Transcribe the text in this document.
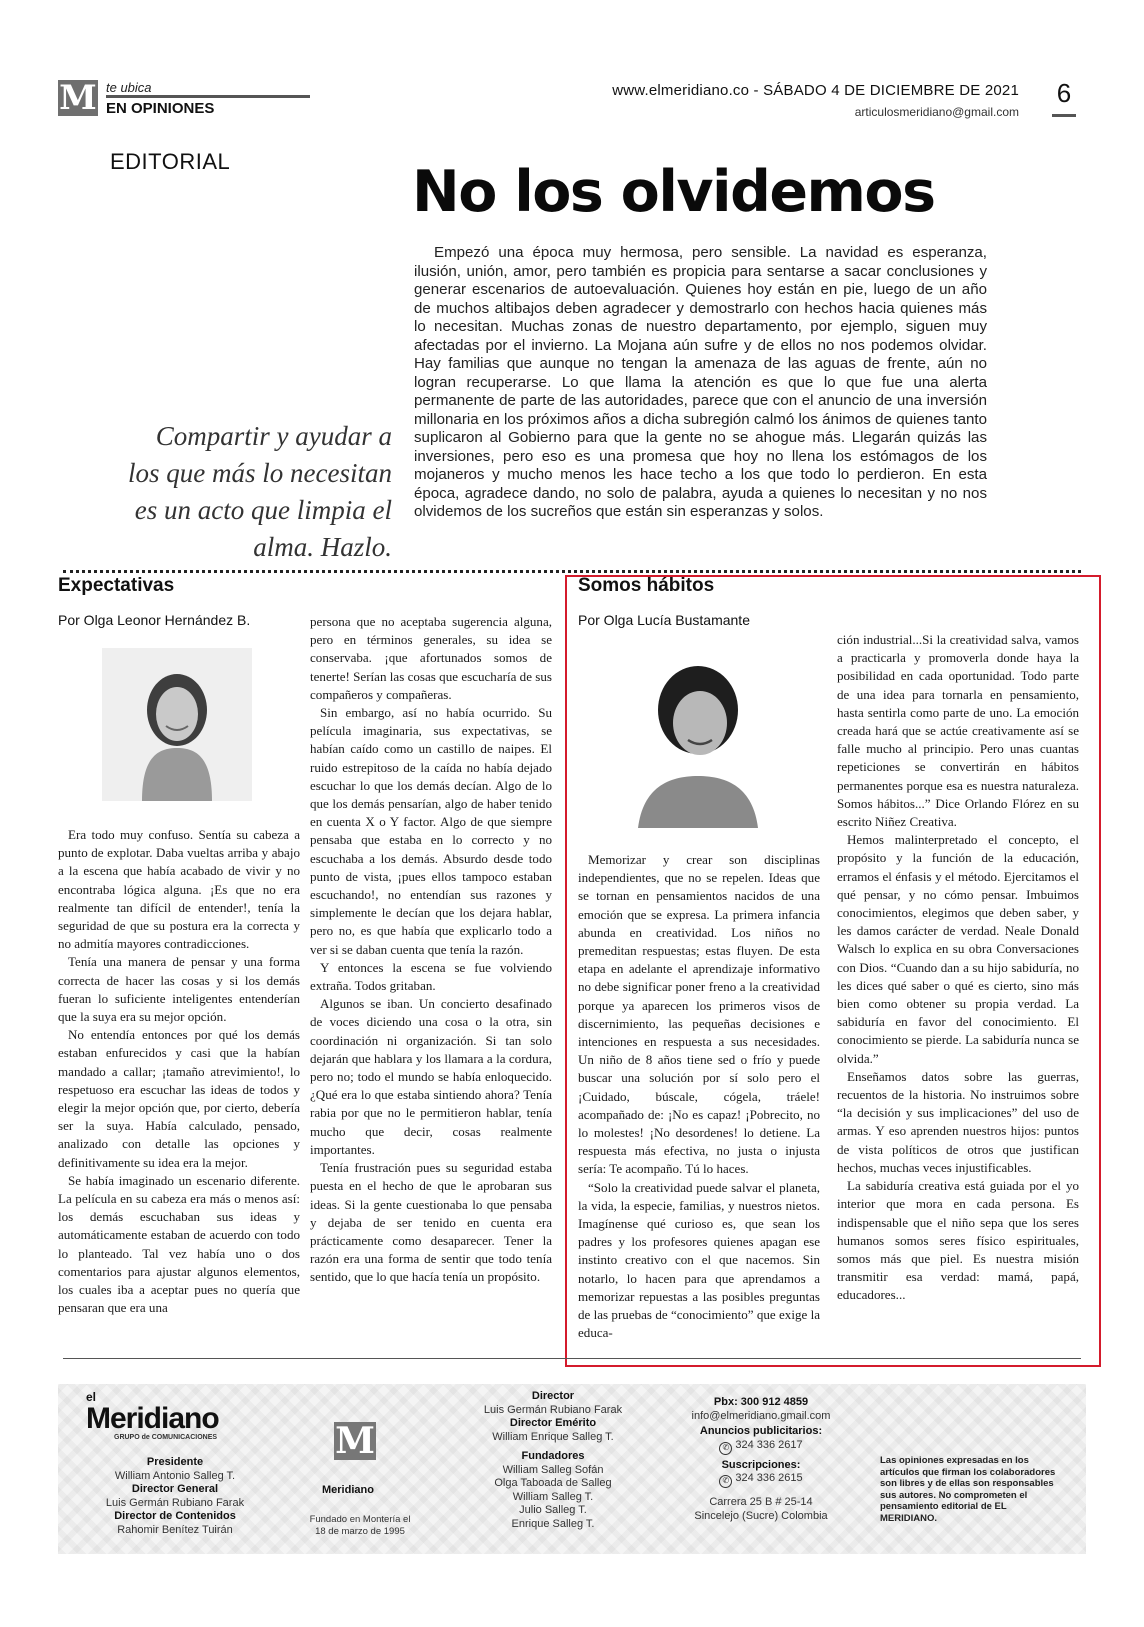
M te ubica
EN OPINIONES
www.elmeridiano.co - SÁBADO 4 DE DICIEMBRE DE 2021
articulosmeridiano@gmail.com
6
EDITORIAL	No los olvidemos
Empezó una época muy hermosa, pero sensible. La navidad es esperanza, ilusión, unión, amor, pero también es propicia para sentarse a sacar conclusiones y generar escenarios de autoevaluación. Quienes hoy están en pie, luego de un año de muchos altibajos deben agradecer y demostrarlo con hechos hacia quienes más lo necesitan. Muchas zonas de nuestro departamento, por ejemplo, siguen muy afectadas por el invierno. La Mojana aún sufre y de ellos no nos podemos olvidar. Hay familias que aunque no tengan la amenaza de las aguas de frente, aún no logran recuperarse. Lo que llama la atención es que lo que fue una alerta permanente de parte de las autoridades, parece que con el anuncio de una inversión millonaria en los próximos años a dicha subregión calmó los ánimos de quienes tanto suplicaron al Gobierno para que la gente no se ahogue más. Llegarán quizás las inversiones, pero eso es una promesa que hoy no llena los estómagos de los mojaneros y mucho menos les hace techo a los que todo lo perdieron. En esta época, agradece dando, no solo de palabra, ayuda a quienes lo necesitan y no nos olvidemos de los sucreños que están sin esperanzas y solos.
Compartir y ayudar a los que más lo necesitan es un acto que limpia el alma. Hazlo.
Expectativas
Por Olga Leonor Hernández B.

Era todo muy confuso. Sentía su cabeza a punto de explotar. Daba vueltas arriba y abajo a la escena que había acabado de vivir y no encontraba lógica alguna. ¡Es que no era realmente tan difícil de entender!, tenía la seguridad de que su postura era la correcta y no admitía mayores contradicciones.

Tenía una manera de pensar y una forma correcta de hacer las cosas y si los demás fueran lo suficiente inteligentes entenderían que la suya era su mejor opción.

No entendía entonces por qué los demás estaban enfurecidos y casi que la habían mandado a callar; ¡tamaño atrevimiento!, lo respetuoso era escuchar las ideas de todos y elegir la mejor opción que, por cierto, debería ser la suya. Había calculado, pensado, analizado con detalle las opciones y definitivamente su idea era la mejor.

Se había imaginado un escenario diferente. La película en su cabeza era más o menos así: los demás escuchaban sus ideas y automáticamente estaban de acuerdo con todo lo planteado. Tal vez había uno o dos comentarios para ajustar algunos elementos, los cuales iba a aceptar pues no quería que pensaran que era una

persona que no aceptaba sugerencia alguna, pero en términos generales, su idea se conservaba. ¡que afortunados somos de tenerte! Serían las cosas que escucharía de sus compañeros y compañeras.

Sin embargo, así no había ocurrido. Su película imaginaria, sus expectativas, se habían caído como un castillo de naipes. El ruido estrepitoso de la caída no había dejado escuchar lo que los demás decían. Algo de lo que los demás pensarían, algo de haber tenido en cuenta X o Y factor. Algo de que siempre pensaba que estaba en lo correcto y no escuchaba a los demás. Absurdo desde todo punto de vista, ¡pues ellos tampoco estaban escuchando!, no entendían sus razones y simplemente le decían que los dejara hablar, pero no, es que había que explicarlo todo a ver si se daban cuenta que tenía la razón.

Y entonces la escena se fue volviendo extraña. Todos gritaban.

Algunos se iban. Un concierto desafinado de voces diciendo una cosa o la otra, sin coordinación ni organización. Si tan solo dejarán que hablara y los llamara a la cordura, pero no; todo el mundo se había enloquecido. ¿Qué era lo que estaba sintiendo ahora? Tenía rabia por que no le permitieron hablar, tenía mucho que decir, cosas realmente importantes.

Tenía frustración pues su seguridad estaba puesta en el hecho de que le aprobaran sus ideas. Si la gente cuestionaba lo que pensaba y dejaba de ser tenido en cuenta era prácticamente como desaparecer. Tener la razón era una forma de sentir que todo tenía sentido, que lo que hacía tenía un propósito.

Somos hábitos
Por Olga Lucía Bustamante

Memorizar y crear son disciplinas independientes, que no se repelen. Ideas que se tornan en pensamientos nacidos de una emoción que se expresa. La primera infancia abunda en creatividad. Los niños no premeditan respuestas; estas fluyen. De esta etapa en adelante el aprendizaje informativo no debe significar poner freno a la creatividad porque ya aparecen los primeros visos de discernimiento, las pequeñas decisiones e intenciones en respuesta a sus necesidades. Un niño de 8 años tiene sed o frío y puede buscar una solución por sí solo pero el ¡Cuidado, búscale, cógela, tráele! acompañado de: ¡No es capaz! ¡Pobrecito, no lo molestes! ¡No desordenes! lo detiene. La respuesta más efectiva, no justa o injusta sería: Te acompaño. Tú lo haces.

“Solo la creatividad puede salvar el planeta, la vida, la especie, familias, y nuestros nietos. Imagínense qué curioso es, que sean los padres y los profesores quienes apagan ese instinto creativo con el que nacemos. Sin notarlo, lo hacen para que aprendamos a memorizar repuestas a las posibles preguntas de las pruebas de “conocimiento” que exige la educa-

ción industrial...Si la creatividad salva, vamos a practicarla y promoverla donde haya la posibilidad en cada oportunidad. Todo parte de una idea para tornarla en pensamiento, hasta sentirla como parte de uno. La emoción creada hará que se actúe creativamente así se falle mucho al principio. Pero unas cuantas repeticiones se convertirán en hábitos permanentes porque esa es nuestra naturaleza. Somos hábitos...” Dice Orlando Flórez en su escrito Niñez Creativa.

Hemos malinterpretado el concepto, el propósito y la función de la educación, erramos el énfasis y el método. Ejercitamos el qué pensar, y no cómo pensar. Imbuimos conocimientos, elegimos que deben saber, y les damos carácter de verdad. Neale Donald Walsch lo explica en su obra Conversaciones con Dios. “Cuando dan a su hijo sabiduría, no les dices qué saber o qué es cierto, sino más bien como obtener su propia verdad. La sabiduría en favor del conocimiento. El conocimiento se pierde. La sabiduría nunca se olvida.”

Enseñamos datos sobre las guerras, recuentos de la historia. No instruimos sobre “la decisión y sus implicaciones” del uso de armas. Y eso aprenden nuestros hijos: puntos de vista políticos de otros que justifican hechos, muchas veces injustificables.

La sabiduría creativa está guiada por el yo interior que mora en cada persona. Es indispensable que el niño sepa que los seres humanos somos seres físico espirituales, somos más que piel. Es nuestra misión transmitir esa verdad: mamá, papá, educadores...

el
Meridiano
GRUPO de COMUNICACIONES
Presidente
William Antonio Salleg T.
Director General
Luis Germán Rubiano Farak
Director de Contenidos
Rahomir Benítez Tuirán
M
Meridiano
Fundado en Montería el 18 de marzo de 1995
Director
Luis Germán Rubiano Farak
Director Emérito
William Enrique Salleg T.
Fundadores
William Salleg Sofán
Olga Taboada de Salleg
William Salleg T.
Julio Salleg T.
Enrique Salleg T.
Pbx: 300 912 4859
info@elmeridiano.gmail.com
Anuncios publicitarios:
✆ 324 336 2617
Suscripciones:
✆ 324 336 2615
Carrera 25 B # 25-14
Sincelejo (Sucre) Colombia
Las opiniones expresadas en los artículos que firman los colaboradores son libres y de ellas son responsables sus autores. No comprometen el pensamiento editorial de EL MERIDIANO.
